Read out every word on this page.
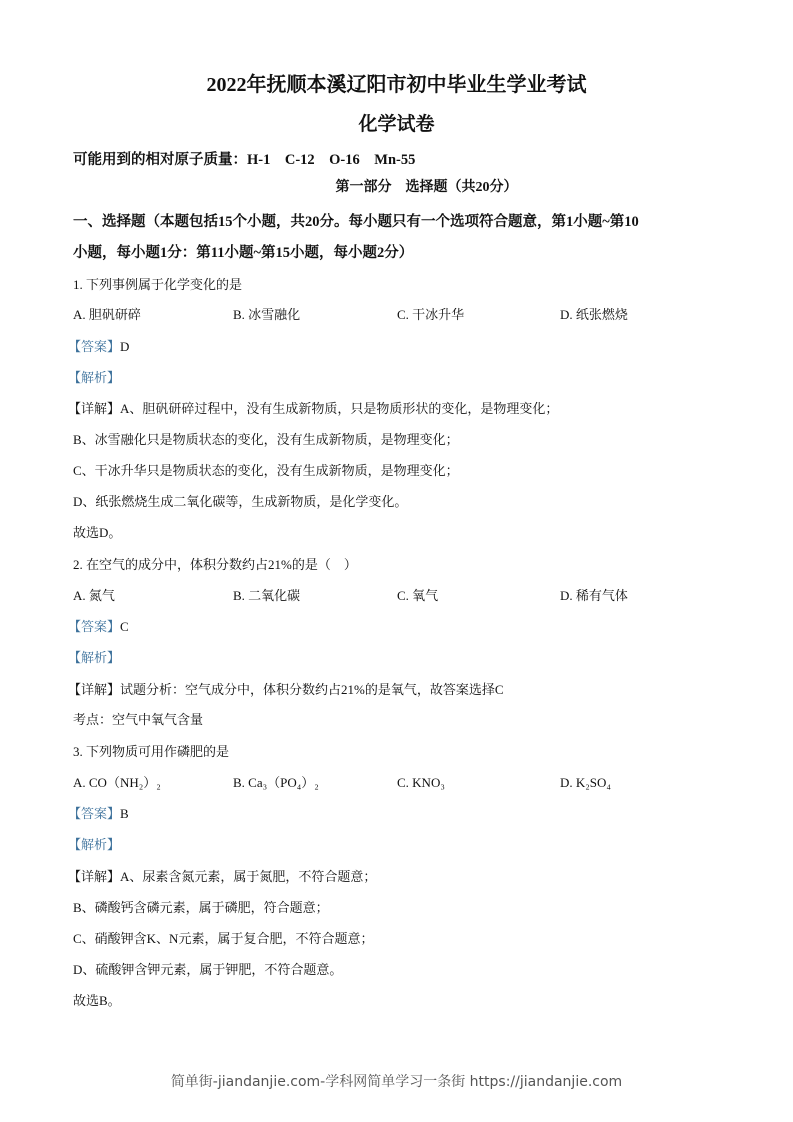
2022年抚顺本溪辽阳市初中毕业生学业考试
化学试卷
可能用到的相对原子质量：H-1　C-12　O-16　Mn-55
第一部分　选择题（共20分）
一、选择题（本题包括15个小题，共20分。每小题只有一个选项符合题意，第1小题~第10
小题，每小题1分：第11小题~第15小题，每小题2分）
1. 下列事例属于化学变化的是
A. 胆矾研碎	B. 冰雪融化	C. 干冰升华	D. 纸张燃烧
【答案】D
【解析】
【详解】A、胆矾研碎过程中，没有生成新物质，只是物质形状的变化，是物理变化；
B、冰雪融化只是物质状态的变化，没有生成新物质，是物理变化；
C、干冰升华只是物质状态的变化，没有生成新物质，是物理变化；
D、纸张燃烧生成二氧化碳等，生成新物质，是化学变化。
故选D。
2. 在空气的成分中，体积分数约占21%的是（　）
A. 氮气	B. 二氧化碳	C. 氧气	D. 稀有气体
【答案】C
【解析】
【详解】试题分析：空气成分中，体积分数约占21%的是氧气，故答案选择C
考点：空气中氧气含量
3. 下列物质可用作磷肥的是
A. CO（NH₂）₂	B. Ca₃（PO₄）₂	C. KNO₃	D. K₂SO₄
【答案】B
【解析】
【详解】A、尿素含氮元素，属于氮肥，不符合题意；
B、磷酸钙含磷元素，属于磷肥，符合题意；
C、硝酸钾含K、N元素，属于复合肥，不符合题意；
D、硫酸钾含钾元素，属于钾肥，不符合题意。
故选B。
简单街-jiandanjie.com-学科网简单学习一条街 https://jiandanjie.com
